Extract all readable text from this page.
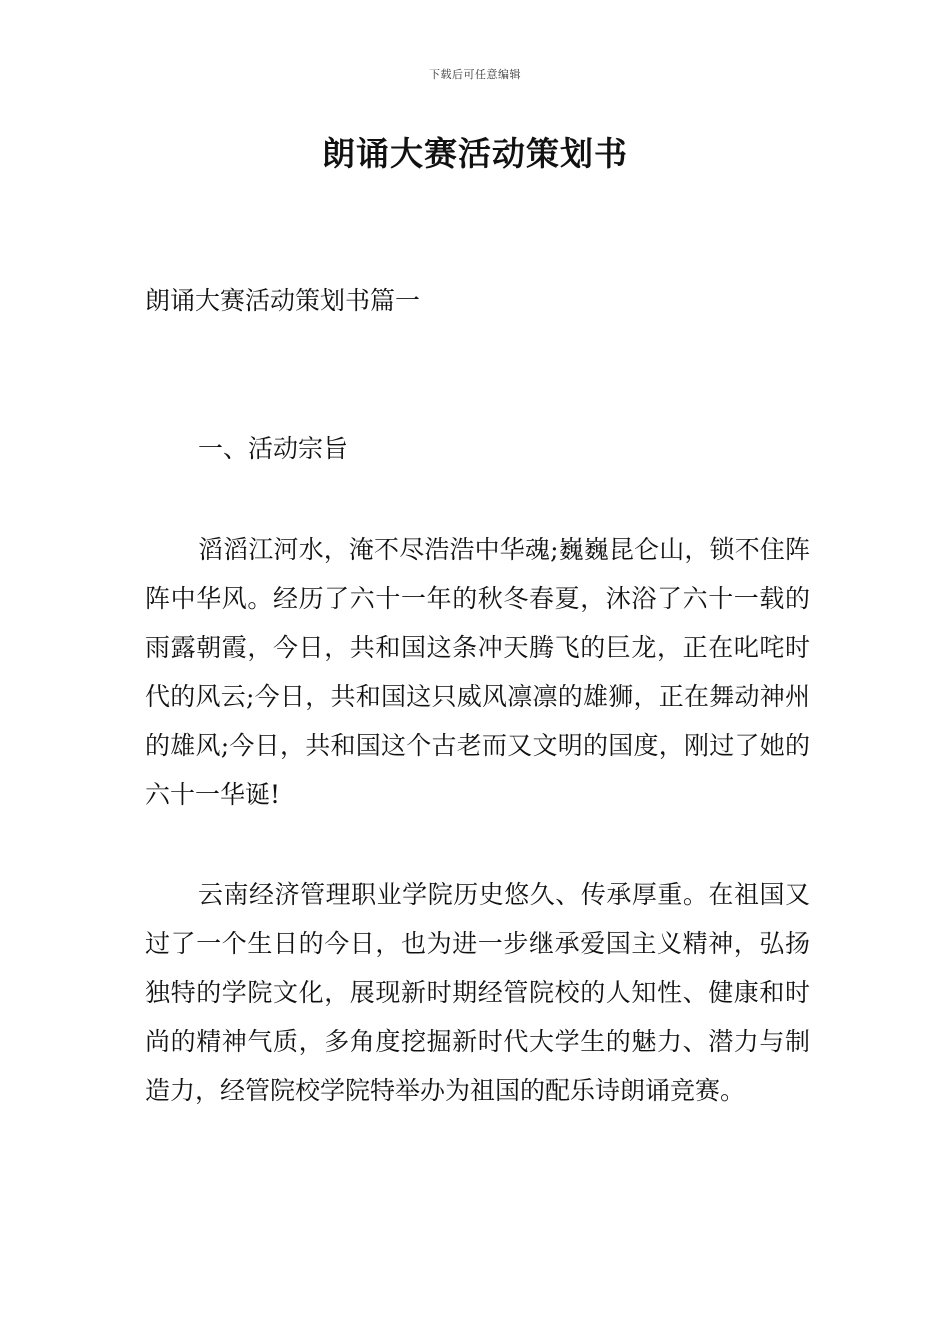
下载后可任意编辑
朗诵大赛活动策划书
朗诵大赛活动策划书篇一
一、活动宗旨

滔滔江河水，淹不尽浩浩中华魂;巍巍昆仑山，锁不住阵阵中华风。经历了六十一年的秋冬春夏，沐浴了六十一载的雨露朝霞，今日，共和国这条冲天腾飞的巨龙，正在叱咤时代的风云;今日，共和国这只威风凛凛的雄狮，正在舞动神州的雄风;今日，共和国这个古老而又文明的国度，刚过了她的六十一华诞!

云南经济管理职业学院历史悠久、传承厚重。在祖国又过了一个生日的今日，也为进一步继承爱国主义精神，弘扬独特的学院文化，展现新时期经管院校的人知性、健康和时尚的精神气质，多角度挖掘新时代大学生的魅力、潜力与制造力，经管院校学院特举办为祖国的配乐诗朗诵竞赛。
